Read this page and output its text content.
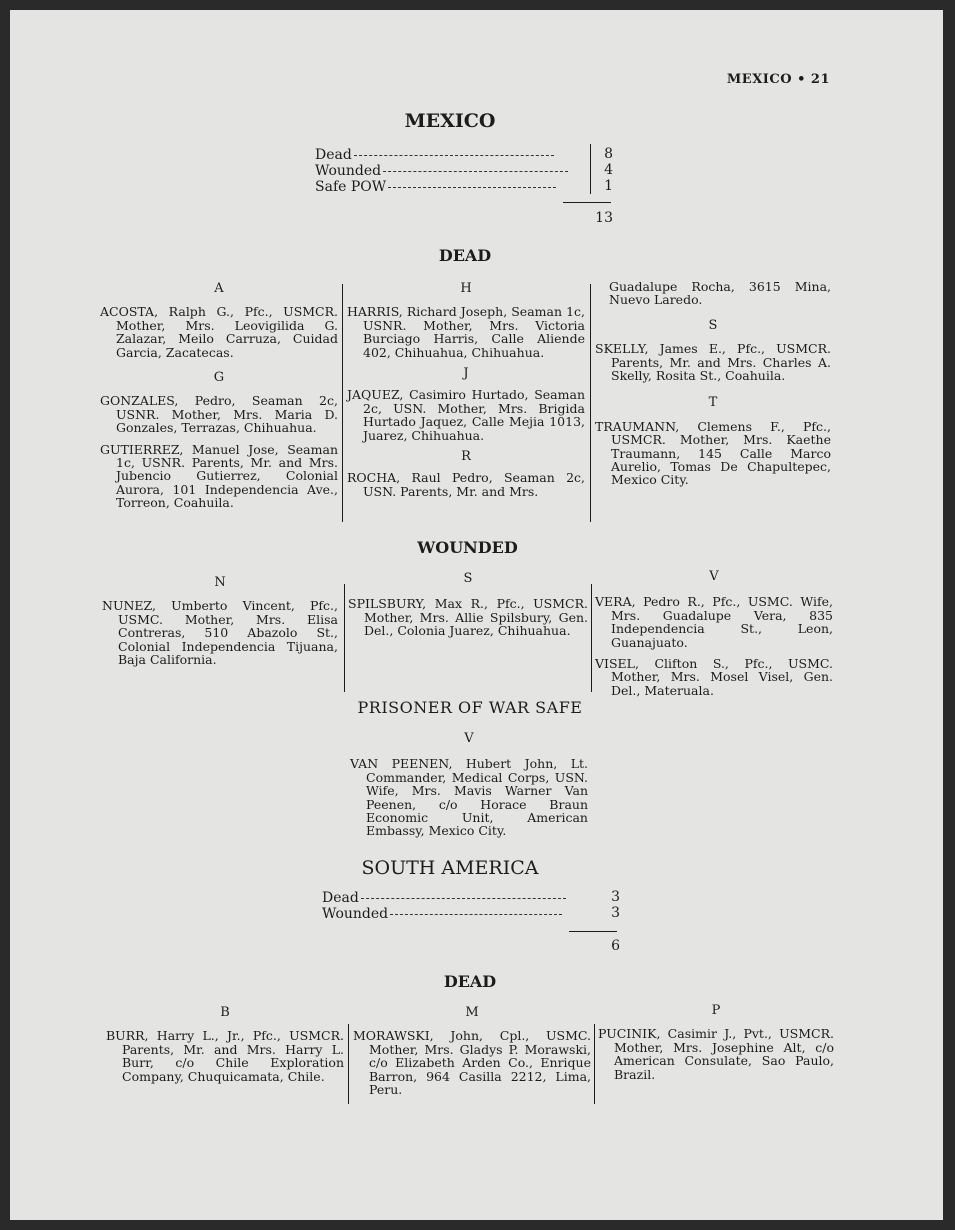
MEXICO • 21
MEXICO
Dead
Wounded
Safe POW
8
4
1
13
DEAD
A

ACOSTA, Ralph G., Pfc., USMCR. Mother, Mrs. Leovigilida G. Zalazar, Meilo Carruza, Cuidad Garcia, Zacatecas.

G

GONZALES, Pedro, Seaman 2c, USNR. Mother, Mrs. Maria D. Gonzales, Terrazas, Chihuahua.

GUTIERREZ, Manuel Jose, Seaman 1c, USNR. Parents, Mr. and Mrs. Jubencio Gutierrez, Colonial Aurora, 101 Independencia Ave., Torreon, Coahuila.

H

HARRIS, Richard Joseph, Seaman 1c, USNR. Mother, Mrs. Victoria Burciago Harris, Calle Aliende 402, Chihuahua, Chihuahua.

J

JAQUEZ, Casimiro Hurtado, Seaman 2c, USN. Mother, Mrs. Brigida Hurtado Jaquez, Calle Mejia 1013, Juarez, Chihuahua.

R

ROCHA, Raul Pedro, Seaman 2c, USN. Parents, Mr. and Mrs.

Guadalupe Rocha, 3615 Mina, Nuevo Laredo.

S

SKELLY, James E., Pfc., USMCR. Parents, Mr. and Mrs. Charles A. Skelly, Rosita St., Coahuila.

T

TRAUMANN, Clemens F., Pfc., USMCR. Mother, Mrs. Kaethe Traumann, 145 Calle Marco Aurelio, Tomas De Chapultepec, Mexico City.

WOUNDED
N

NUNEZ, Umberto Vincent, Pfc., USMC. Mother, Mrs. Elisa Contreras, 510 Abazolo St., Colonial Independencia Tijuana, Baja California.

S

SPILSBURY, Max R., Pfc., USMCR. Mother, Mrs. Allie Spilsbury, Gen. Del., Colonia Juarez, Chihuahua.

V

VERA, Pedro R., Pfc., USMC. Wife, Mrs. Guadalupe Vera, 835 Independencia St., Leon, Guanajuato.

VISEL, Clifton S., Pfc., USMC. Mother, Mrs. Mosel Visel, Gen. Del., Materuala.

PRISONER OF WAR SAFE
V

VAN PEENEN, Hubert John, Lt. Commander, Medical Corps, USN. Wife, Mrs. Mavis Warner Van Peenen, c/o Horace Braun Economic Unit, American Embassy, Mexico City.

SOUTH AMERICA
Dead
Wounded
3
3
6
DEAD
B

BURR, Harry L., Jr., Pfc., USMCR. Parents, Mr. and Mrs. Harry L. Burr, c/o Chile Exploration Company, Chuquicamata, Chile.

M

MORAWSKI, John, Cpl., USMC. Mother, Mrs. Gladys P. Morawski, c/o Elizabeth Arden Co., Enrique Barron, 964 Casilla 2212, Lima, Peru.

P

PUCINIK, Casimir J., Pvt., USMCR. Mother, Mrs. Josephine Alt, c/o American Consulate, Sao Paulo, Brazil.
